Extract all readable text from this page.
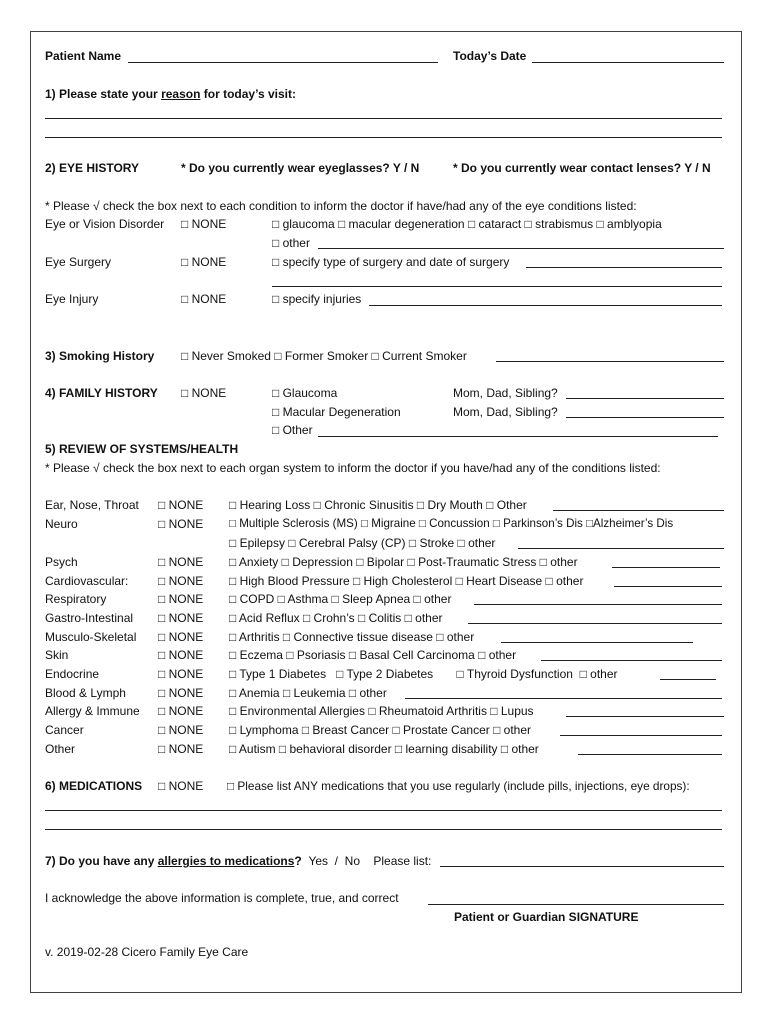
Patient Name	Today’s Date
1) Please state your reason for today’s visit:
2) EYE HISTORY	* Do you currently wear eyeglasses? Y / N	* Do you currently wear contact lenses? Y / N
* Please √ check the box next to each condition to inform the doctor if have/had any of the eye conditions listed:
Eye or Vision Disorder □ NONE	□ glaucoma □ macular degeneration □ cataract □ strabismus □ amblyopia
□ other
Eye Surgery	□ NONE	□ specify type of surgery and date of surgery
Eye Injury	□ NONE	□ specify injuries
3) Smoking History □ Never Smoked □ Former Smoker □ Current Smoker
4) FAMILY HISTORY □ NONE	□ Glaucoma	Mom, Dad, Sibling?
□ Macular Degeneration	Mom, Dad, Sibling?
□ Other
5) REVIEW OF SYSTEMS/HEALTH
* Please √ check the box next to each organ system to inform the doctor if you have/had any of the conditions listed:
Ear, Nose, Throat □ NONE □ Hearing Loss □ Chronic Sinusitis □ Dry Mouth □ Other
Neuro	□ NONE □ Multiple Sclerosis (MS) □ Migraine □ Concussion □ Parkinson’s Dis □Alzheimer’s Dis
□ Epilepsy □ Cerebral Palsy (CP) □ Stroke □ other
Psych	□ NONE □ Anxiety □ Depression □ Bipolar □ Post-Traumatic Stress □ other
Cardiovascular: □ NONE □ High Blood Pressure □ High Cholesterol □ Heart Disease □ other
Respiratory	□ NONE □ COPD □ Asthma □ Sleep Apnea □ other
Gastro-Intestinal □ NONE □ Acid Reflux □ Crohn’s □ Colitis □ other
Musculo-Skeletal □ NONE □ Arthritis □ Connective tissue disease □ other
Skin	□ NONE □ Eczema □ Psoriasis □ Basal Cell Carcinoma □ other
Endocrine	□ NONE □ Type 1 Diabetes   □ Type 2 Diabetes       □ Thyroid Dysfunction  □ other
Blood & Lymph	□ NONE □ Anemia □ Leukemia □ other
Allergy & Immune □ NONE □ Environmental Allergies □ Rheumatoid Arthritis □ Lupus
Cancer	□ NONE □ Lymphoma □ Breast Cancer □ Prostate Cancer □ other
Other	□ NONE □ Autism □ behavioral disorder □ learning disability □ other
6) MEDICATIONS □ NONE □ Please list ANY medications that you use regularly (include pills, injections, eye drops):
7) Do you have any allergies to medications? Yes  /  No    Please list:
I acknowledge the above information is complete, true, and correct
Patient or Guardian SIGNATURE
v. 2019-02-28 Cicero Family Eye Care
